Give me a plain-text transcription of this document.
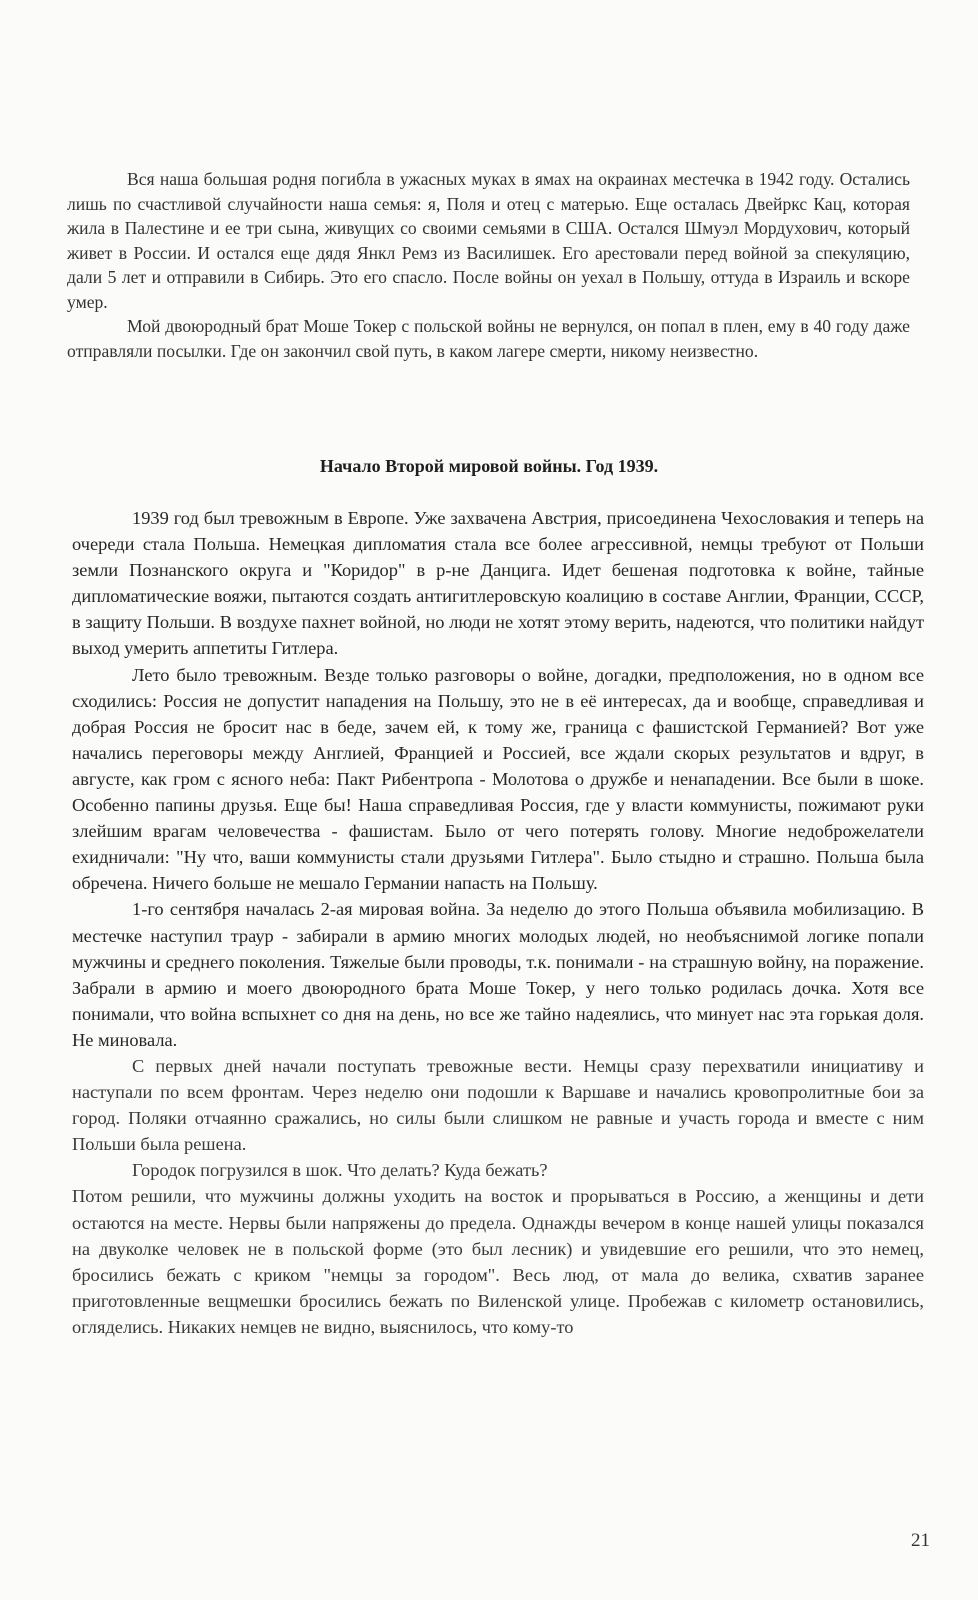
Вся наша большая родня погибла в ужасных муках в ямах на окраинах местечка в 1942 году. Остались лишь по счастливой случайности наша семья: я, Поля и отец с матерью. Еще осталась Двейркс Кац, которая жила в Палестине и ее три сына, живущих со своими семьями в США. Остался Шмуэл Мордухович, который живет в России. И остался еще дядя Янкл Ремз из Василишек. Его арестовали перед войной за спекуляцию, дали 5 лет и отправили в Сибирь. Это его спасло. После войны он уехал в Польшу, оттуда в Израиль и вскоре умер.

Мой двоюродный брат Моше Токер с польской войны не вернулся, он попал в плен, ему в 40 году даже отправляли посылки. Где он закончил свой путь, в каком лагере смерти, никому неизвестно.

Начало Второй мировой войны. Год 1939.

1939 год был тревожным в Европе. Уже захвачена Австрия, присоединена Чехословакия и теперь на очереди стала Польша. Немецкая дипломатия стала все более агрессивной, немцы требуют от Польши земли Познанского округа и "Коридор" в р-не Данцига. Идет бешеная подготовка к войне, тайные дипломатические вояжи, пытаются создать антигитлеровскую коалицию в составе Англии, Франции, СССР, в защиту Польши. В воздухе пахнет войной, но люди не хотят этому верить, надеются, что политики найдут выход умерить аппетиты Гитлера.

Лето было тревожным. Везде только разговоры о войне, догадки, предположения, но в одном все сходились: Россия не допустит нападения на Польшу, это не в её интересах, да и вообще, справедливая и добрая Россия не бросит нас в беде, зачем ей, к тому же, граница с фашистской Германией? Вот уже начались переговоры между Англией, Францией и Россией, все ждали скорых результатов и вдруг, в августе, как гром с ясного неба: Пакт Рибентропа - Молотова о дружбе и ненападении. Все были в шоке. Особенно папины друзья. Еще бы! Наша справедливая Россия, где у власти коммунисты, пожимают руки злейшим врагам человечества - фашистам. Было от чего потерять голову. Многие недоброжелатели ехидничали: "Ну что, ваши коммунисты стали друзьями Гитлера". Было стыдно и страшно. Польша была обречена. Ничего больше не мешало Германии напасть на Польшу.

1-го сентября началась 2-ая мировая война. За неделю до этого Польша объявила мобилизацию. В местечке наступил траур - забирали в армию многих молодых людей, но необъяснимой логике попали мужчины и среднего поколения. Тяжелые были проводы, т.к. понимали - на страшную войну, на поражение. Забрали в армию и моего двоюродного брата Моше Токер, у него только родилась дочка. Хотя все понимали, что война вспыхнет со дня на день, но все же тайно надеялись, что минует нас эта горькая доля. Не миновала.

С первых дней начали поступать тревожные вести. Немцы сразу перехватили инициативу и наступали по всем фронтам. Через неделю они подошли к Варшаве и начались кровопролитные бои за город. Поляки отчаянно сражались, но силы были слишком не равные и участь города и вместе с ним Польши была решена.

Городок погрузился в шок. Что делать? Куда бежать?

Потом решили, что мужчины должны уходить на восток и прорываться в Россию, а женщины и дети остаются на месте. Нервы были напряжены до предела. Однажды вечером в конце нашей улицы показался на двуколке человек не в польской форме (это был лесник) и увидевшие его решили, что это немец, бросились бежать с криком "немцы за городом". Весь люд, от мала до велика, схватив заранее приготовленные вещмешки бросились бежать по Виленской улице. Пробежав с километр остановились, огляделись. Никаких немцев не видно, выяснилось, что кому-то

21
